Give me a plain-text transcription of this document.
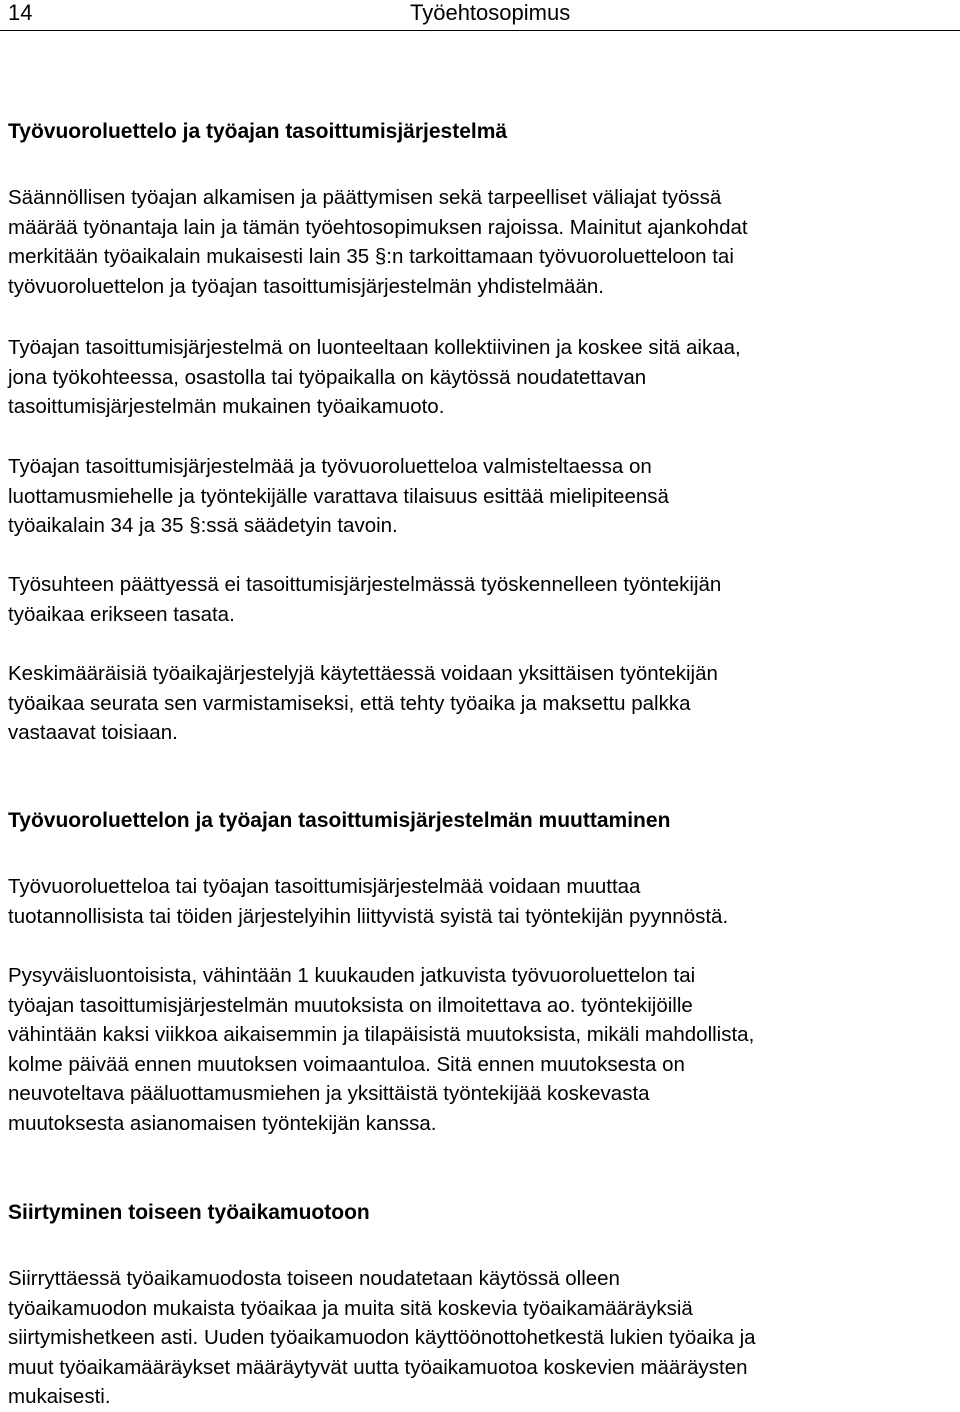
14	Työehtosopimus
Työvuoroluettelo ja työajan tasoittumisjärjestelmä

Säännöllisen työajan alkamisen ja päättymisen sekä tarpeelliset väliajat työssä
määrää työnantaja lain ja tämän työehtosopimuksen rajoissa. Mainitut ajankohdat
merkitään työaikalain mukaisesti lain 35 §:n tarkoittamaan työvuoroluetteloon tai
työvuoroluettelon ja työajan tasoittumisjärjestelmän yhdistelmään.

Työajan tasoittumisjärjestelmä on luonteeltaan kollektiivinen ja koskee sitä aikaa,
jona työkohteessa, osastolla tai työpaikalla on käytössä noudatettavan
tasoittumisjärjestelmän mukainen työaikamuoto.

Työajan tasoittumisjärjestelmää ja työvuoroluetteloa valmisteltaessa on
luottamusmiehelle ja työntekijälle varattava tilaisuus esittää mielipiteensä
työaikalain 34 ja 35 §:ssä säädetyin tavoin.

Työsuhteen päättyessä ei tasoittumisjärjestelmässä työskennelleen työntekijän
työaikaa erikseen tasata.

Keskimääräisiä työaikajärjestelyjä käytettäessä voidaan yksittäisen työntekijän
työaikaa seurata sen varmistamiseksi, että tehty työaika ja maksettu palkka
vastaavat toisiaan.

Työvuoroluettelon ja työajan tasoittumisjärjestelmän muuttaminen

Työvuoroluetteloa tai työajan tasoittumisjärjestelmää voidaan muuttaa
tuotannollisista tai töiden järjestelyihin liittyvistä syistä tai työntekijän pyynnöstä.

Pysyväisluontoisista, vähintään 1 kuukauden jatkuvista työvuoroluettelon tai
työajan tasoittumisjärjestelmän muutoksista on ilmoitettava ao. työntekijöille
vähintään kaksi viikkoa aikaisemmin ja tilapäisistä muutoksista, mikäli mahdollista,
kolme päivää ennen muutoksen voimaantuloa. Sitä ennen muutoksesta on
neuvoteltava pääluottamusmiehen ja yksittäistä työntekijää koskevasta
muutoksesta asianomaisen työntekijän kanssa.

Siirtyminen toiseen työaikamuotoon

Siirryttäessä työaikamuodosta toiseen noudatetaan käytössä olleen
työaikamuodon mukaista työaikaa ja muita sitä koskevia työaikamääräyksiä
siirtymishetkeen asti. Uuden työaikamuodon käyttöönottohetkestä lukien työaika ja
muut työaikamääräykset määräytyvät uutta työaikamuotoa koskevien määräysten
mukaisesti.
